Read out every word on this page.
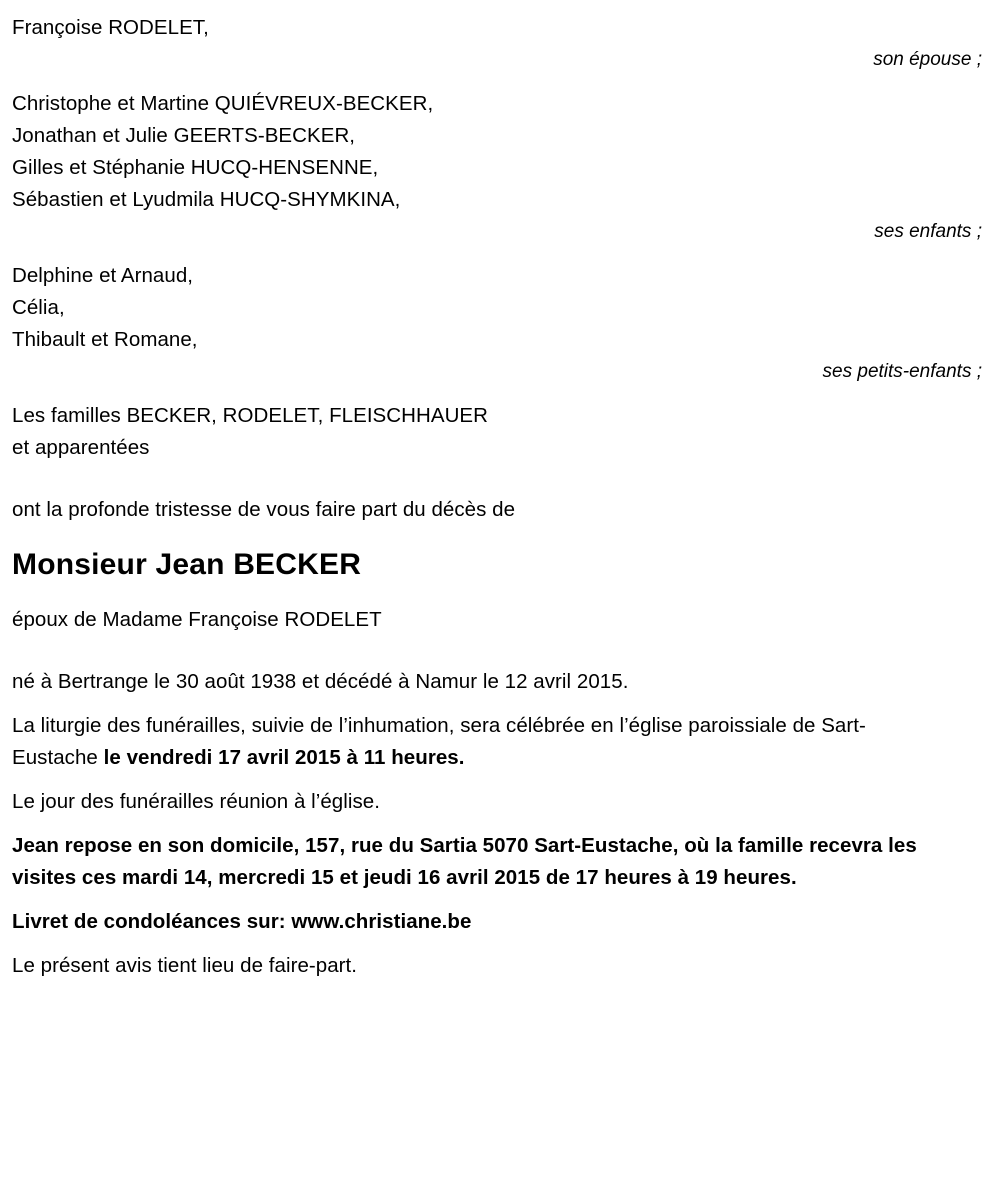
Françoise RODELET,
son épouse ;
Christophe et Martine QUIÉVREUX-BECKER,
Jonathan et Julie GEERTS-BECKER,
Gilles et Stéphanie HUCQ-HENSENNE,
Sébastien et Lyudmila HUCQ-SHYMKINA,
ses enfants ;
Delphine et Arnaud,
Célia,
Thibault et Romane,
ses petits-enfants ;
Les familles BECKER, RODELET, FLEISCHHAUER
et apparentées
ont la profonde tristesse de vous faire part du décès de
Monsieur Jean BECKER
époux de Madame Françoise RODELET
né à Bertrange le 30 août 1938 et décédé à Namur le 12 avril 2015.
La liturgie des funérailles, suivie de l’inhumation, sera célébrée en l’église paroissiale de Sart-Eustache le vendredi 17 avril 2015 à 11 heures.
Le jour des funérailles réunion à l’église.
Jean repose en son domicile, 157, rue du Sartia 5070 Sart-Eustache, où la famille recevra les visites ces mardi 14, mercredi 15 et jeudi 16 avril 2015 de 17 heures à 19 heures.
Livret de condoléances sur: www.christiane.be
Le présent avis tient lieu de faire-part.
